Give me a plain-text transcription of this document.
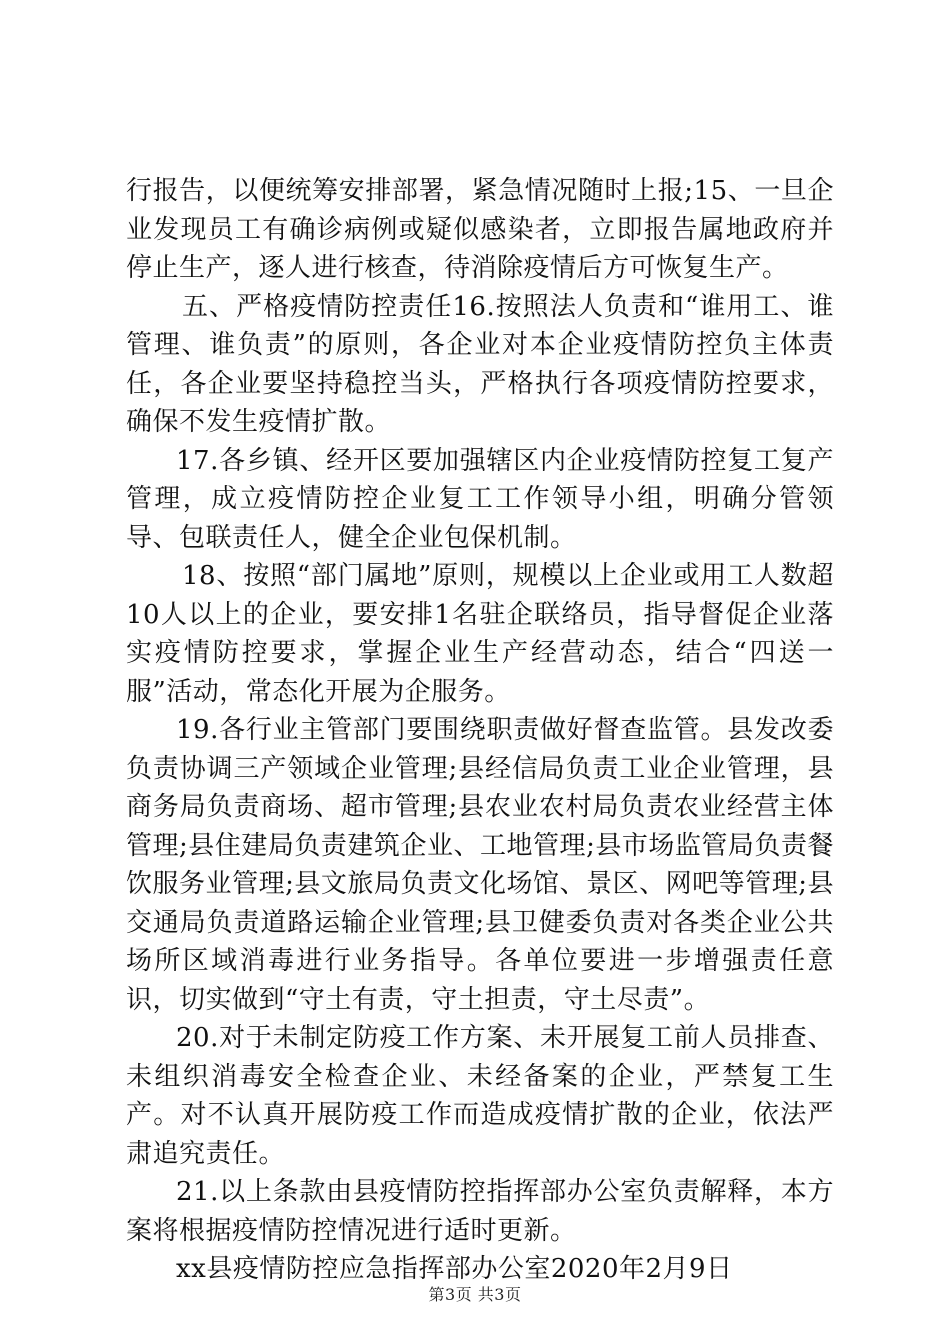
行报告，以便统筹安排部署，紧急情况随时上报;15、一旦企业发现员工有确诊病例或疑似感染者，立即报告属地政府并停止生产，逐人进行核查，待消除疫情后方可恢复生产。

五、严格疫情防控责任16.按照法人负责和“谁用工、谁管理、谁负责”的原则，各企业对本企业疫情防控负主体责任，各企业要坚持稳控当头，严格执行各项疫情防控要求，确保不发生疫情扩散。

17.各乡镇、经开区要加强辖区内企业疫情防控复工复产管理，成立疫情防控企业复工工作领导小组，明确分管领导、包联责任人，健全企业包保机制。

18、按照“部门属地”原则，规模以上企业或用工人数超10人以上的企业，要安排1名驻企联络员，指导督促企业落实疫情防控要求，掌握企业生产经营动态，结合“四送一服”活动，常态化开展为企服务。

19.各行业主管部门要围绕职责做好督查监管。县发改委负责协调三产领域企业管理;县经信局负责工业企业管理，县商务局负责商场、超市管理;县农业农村局负责农业经营主体管理;县住建局负责建筑企业、工地管理;县市场监管局负责餐饮服务业管理;县文旅局负责文化场馆、景区、网吧等管理;县交通局负责道路运输企业管理;县卫健委负责对各类企业公共场所区域消毒进行业务指导。各单位要进一步增强责任意识，切实做到“守土有责，守土担责，守土尽责”。

20.对于未制定防疫工作方案、未开展复工前人员排查、未组织消毒安全检查企业、未经备案的企业，严禁复工生产。对不认真开展防疫工作而造成疫情扩散的企业，依法严肃追究责任。

21.以上条款由县疫情防控指挥部办公室负责解释，本方案将根据疫情防控情况进行适时更新。

xx县疫情防控应急指挥部办公室2020年2月9日

第3页 共3页
